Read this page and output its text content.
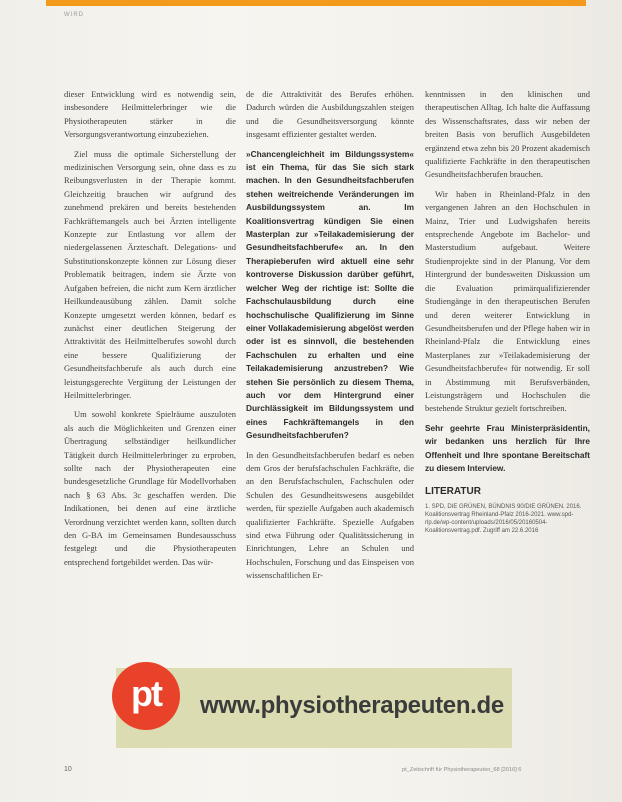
WIRD

dieser Entwicklung wird es notwendig sein, insbesondere Heilmittelerbringer wie die Physiotherapeuten stärker in die Versorgungsverantwortung einzubeziehen.

Ziel muss die optimale Sicherstellung der medizinischen Versorgung sein, ohne dass es zu Reibungsverlusten in der Therapie kommt. Gleichzeitig brauchen wir aufgrund des zunehmend prekären und bereits bestehenden Fachkräftemangels auch bei Ärzten intelligente Konzepte zur Entlastung vor allem der niedergelassenen Ärzteschaft. Delegations- und Substitutionskonzepte können zur Lösung dieser Problematik beitragen, indem sie Ärzte von Aufgaben befreien, die nicht zum Kern ärztlicher Heilkundeausübung zählen. Damit solche Konzepte umgesetzt werden können, bedarf es zunächst einer deutlichen Steigerung der Attraktivität des Heilmittelberufes sowohl durch eine bessere Qualifizierung der Gesundheitsfachberufe als auch durch eine leistungsgerechte Vergütung der Leistungen der Heilmittelerbringer.

Um sowohl konkrete Spielräume auszuloten als auch die Möglichkeiten und Grenzen einer Übertragung selbständiger heilkundlicher Tätigkeit durch Heilmittelerbringer zu erproben, sollte nach der Physiotherapeuten eine bundesgesetzliche Grundlage für Modellvorhaben nach § 63 Abs. 3c geschaffen werden. Die Indikationen, bei denen auf eine ärztliche Verordnung verzichtet werden kann, sollten durch den G-BA im Gemeinsamen Bundesausschuss festgelegt und die Physiotherapeuten entsprechend fortgebildet werden. Das wür-

de die Attraktivität des Berufes erhöhen. Dadurch würden die Ausbildungszahlen steigen und die Gesundheitsversorgung könnte insgesamt effizienter gestaltet werden.

»Chancengleichheit im Bildungssystem« ist ein Thema, für das Sie sich stark machen. In den Gesundheitsfachberufen stehen weitreichende Veränderungen im Ausbildungssystem an. Im Koalitionsvertrag kündigen Sie einen Masterplan zur »Teilakademisierung der Gesundheitsfachberufe« an. In den Therapieberufen wird aktuell eine sehr kontroverse Diskussion darüber geführt, welcher Weg der richtige ist: Sollte die Fachschulausbildung durch eine hochschulische Qualifizierung im Sinne einer Vollakademisierung abgelöst werden oder ist es sinnvoll, die bestehenden Fachschulen zu erhalten und eine Teilakademisierung anzustreben? Wie stehen Sie persönlich zu diesem Thema, auch vor dem Hintergrund einer Durchlässigkeit im Bildungssystem und eines Fachkräftemangels in den Gesundheitsfachberufen?

In den Gesundheitsfachberufen bedarf es neben dem Gros der berufsfachschulen Fachkräfte, die an den Berufsfachschulen, Fachschulen oder Schulen des Gesundheitswesens ausgebildet werden, für spezielle Aufgaben auch akademisch qualifizierter Fachkräfte. Spezielle Aufgaben sind etwa Führung oder Qualitätssicherung in Einrichtungen, Lehre an Schulen und Hochschulen, Forschung und das Einspeisen von wissenschaftlichen Er-

kenntnissen in den klinischen und therapeutischen Alltag. Ich halte die Auffassung des Wissenschaftsrates, dass wir neben der breiten Basis von beruflich Ausgebildeten ergänzend etwa zehn bis 20 Prozent akademisch qualifizierte Fachkräfte in den therapeutischen Gesundheitsfachberufen brauchen.

Wir haben in Rheinland-Pfalz in den vergangenen Jahren an den Hochschulen in Mainz, Trier und Ludwigshafen bereits entsprechende Angebote im Bachelor- und Masterstudium aufgebaut. Weitere Studienprojekte sind in der Planung. Vor dem Hintergrund der bundesweiten Diskussion um die Evaluation primärqualifizierender Studiengänge in den therapeutischen Berufen und deren weiterer Entwicklung in Gesundheitsberufen und der Pflege haben wir in Rheinland-Pfalz die Entwicklung eines Masterplanes zur »Teilakademisierung der Gesundheitsfachberufe« für notwendig. Er soll in Abstimmung mit Berufsverbänden, Leistungsträgern und Hochschulen die bestehende Struktur gezielt fortschreiben.

Sehr geehrte Frau Ministerpräsidentin, wir bedanken uns herzlich für Ihre Offenheit und Ihre spontane Bereitschaft zu diesem Interview.

LITERATUR
1. SPD, DIE GRÜNEN, BÜNDNIS 90/DIE GRÜNEN. 2016. Koalitionsvertrag Rheinland-Pfalz 2016-2021. www.spd-rlp.de/wp-content/uploads/2016/05/20160504-Koalitionsvertrag.pdf. Zugriff am 22.6.2016
pt www.physiotherapeuten.de
10	pt_Zeitschrift für Physiotherapeuten_68 [2016] 6
